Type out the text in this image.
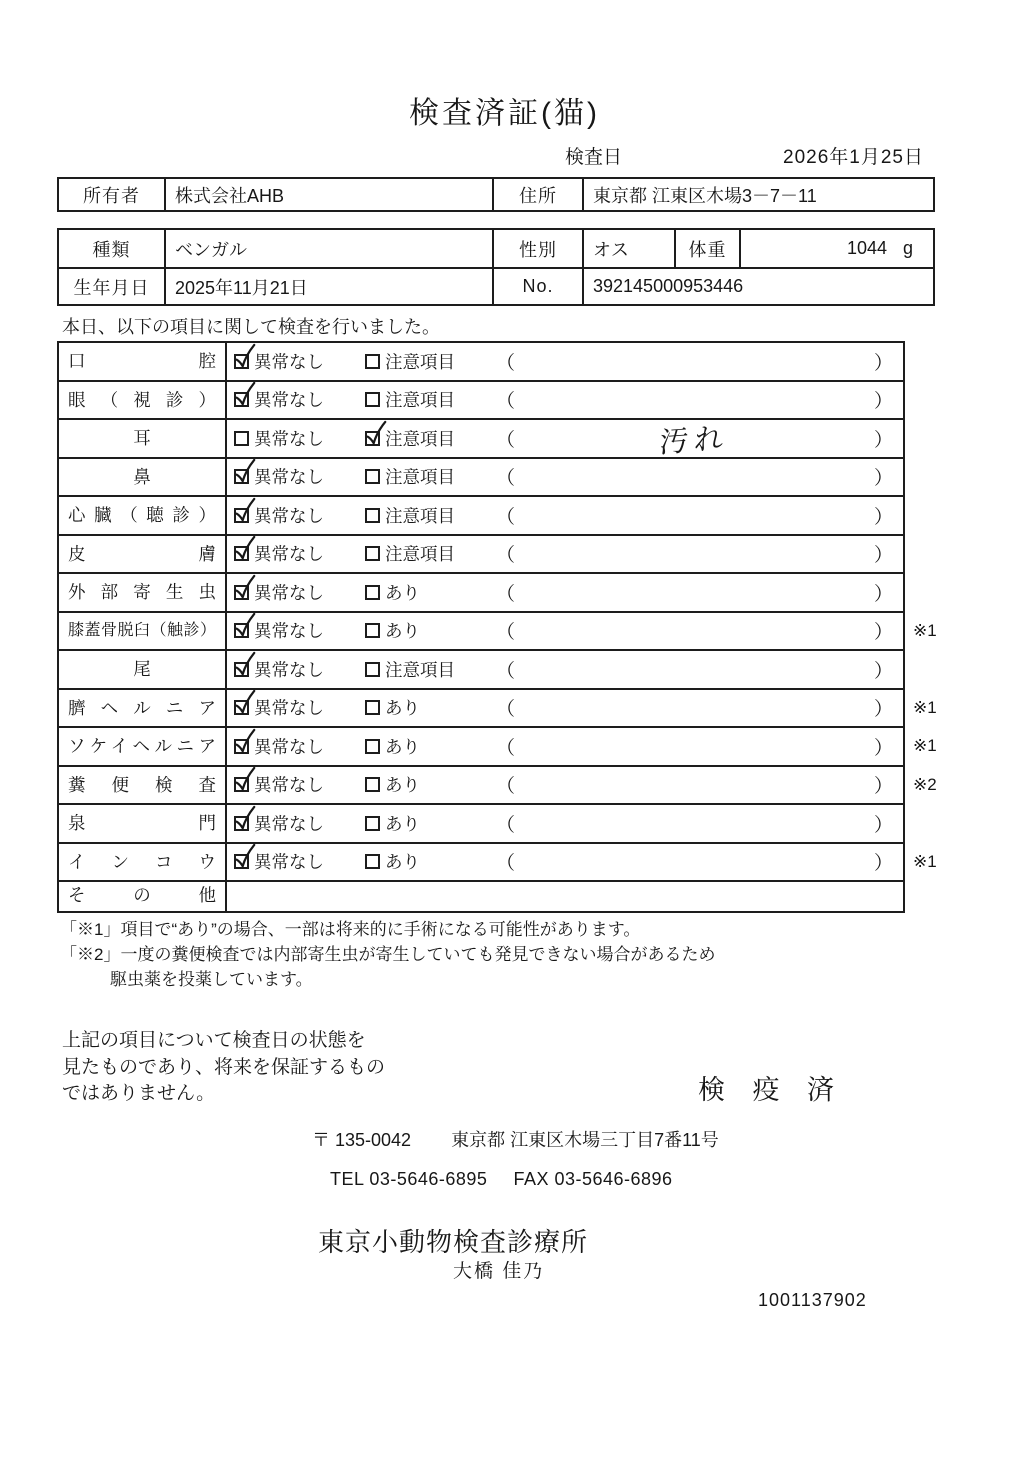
検査済証(猫)
検査日	2026年1月25日
所有者	株式会社AHB	住所	東京都 江東区木場3－7－11
種類	ベンガル	性別	オス	体重	1044 g
生年月日	2025年11月21日	No.	392145000953446
本日、以下の項目に関して検査を行いました。
口腔	異常なし	注意項目 （	）
眼（視診）	異常なし	注意項目 （	）
耳	異常なし	注意項目 （	汚れ	）
鼻	異常なし	注意項目 （	）
心臓（聴診）	異常なし	注意項目 （	）
皮膚	異常なし	注意項目 （	）
外部寄生虫	異常なし	あり	（	）
膝蓋骨脱臼（触診）	異常なし	あり	（	） ※1
尾	異常なし	注意項目 （	）
臍ヘルニア	異常なし	あり	（	） ※1
ソケイヘルニア	異常なし	あり	（	） ※1
糞便検査	異常なし	あり	（	） ※2
泉門	異常なし	あり	（	）
インコウ	異常なし	あり	（	） ※1
その他
「※1」項目で“あり”の場合、一部は将来的に手術になる可能性があります。
「※2」一度の糞便検査では内部寄生虫が寄生していても発見できない場合があるため
駆虫薬を投薬しています。
上記の項目について検査日の状態を
見たものであり、将来を保証するもの
ではありません。	検 疫 済
〒 135-0042 東京都 江東区木場三丁目7番11号
TEL 03-5646-6895 FAX 03-5646-6896
東京小動物検査診療所
大橋 佳乃
1001137902
